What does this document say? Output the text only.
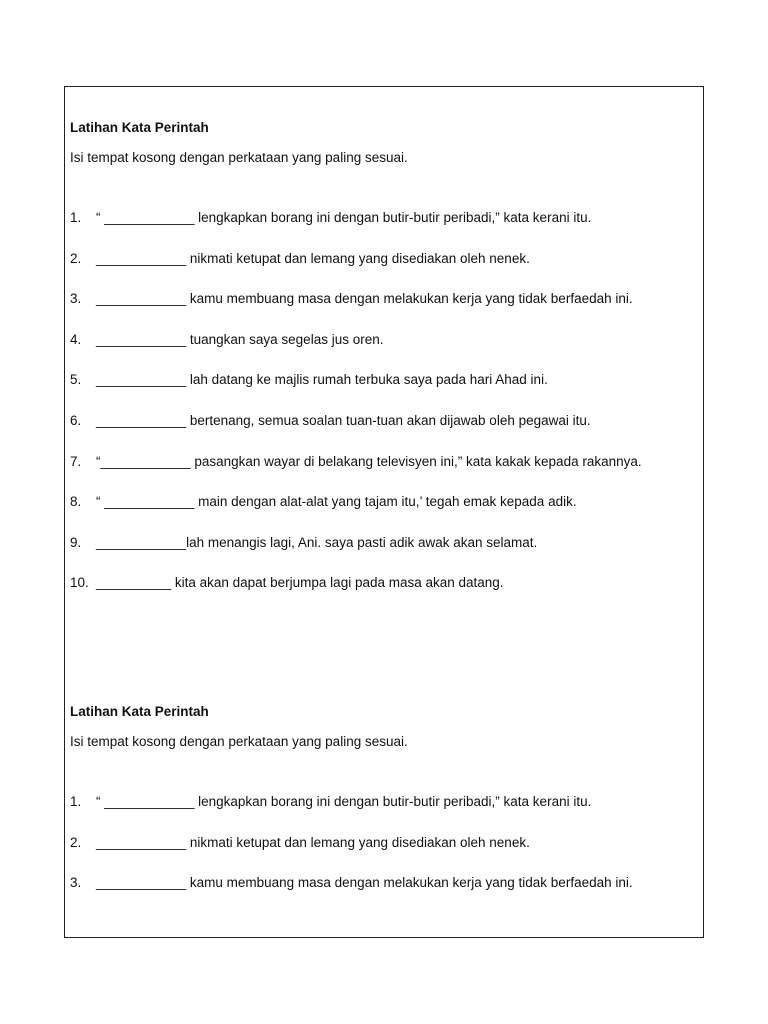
Latihan Kata Perintah

Isi tempat kosong dengan perkataan yang paling sesuai.

1.	“ ____________ lengkapkan borang ini dengan butir-butir peribadi,” kata kerani itu.
2.	____________ nikmati ketupat dan lemang yang disediakan oleh nenek.
3.	____________ kamu membuang masa dengan melakukan kerja yang tidak berfaedah ini.
4.	____________ tuangkan saya segelas jus oren.
5.	____________ lah datang ke majlis rumah terbuka saya pada hari Ahad ini.
6.	____________ bertenang, semua soalan tuan-tuan akan dijawab oleh pegawai itu.
7.	“____________ pasangkan wayar di belakang televisyen ini,” kata kakak kepada rakannya.
8.	“ ____________ main dengan alat-alat yang tajam itu,’ tegah emak kepada adik.
9.	____________lah menangis lagi, Ani. saya pasti adik awak akan selamat.
10. __________ kita akan dapat berjumpa lagi pada masa akan datang.

Latihan Kata Perintah

Isi tempat kosong dengan perkataan yang paling sesuai.

1.	“ ____________ lengkapkan borang ini dengan butir-butir peribadi,” kata kerani itu.
2.	____________ nikmati ketupat dan lemang yang disediakan oleh nenek.
3.	____________ kamu membuang masa dengan melakukan kerja yang tidak berfaedah ini.
